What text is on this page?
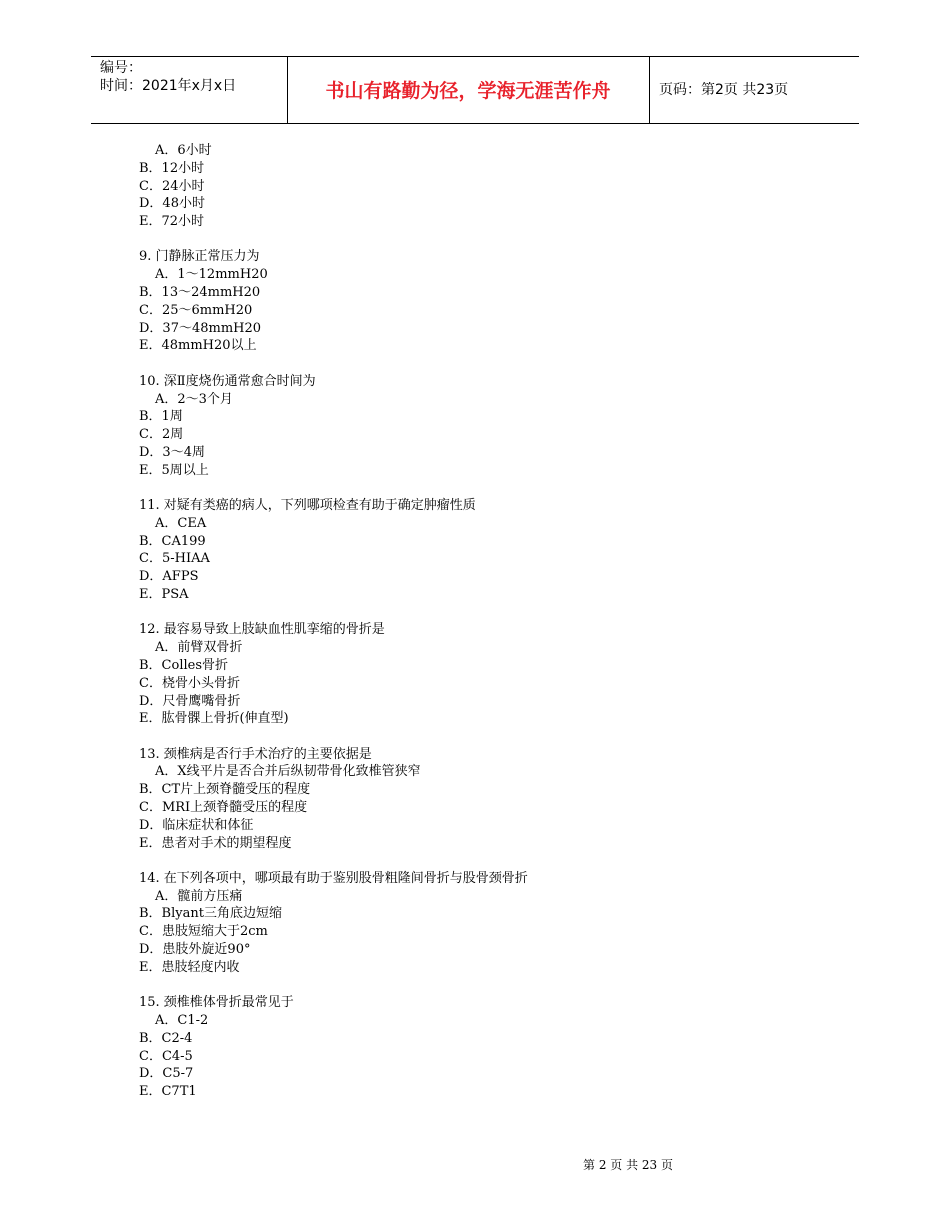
编号：
时间：2021年x月x日	书山有路勤为径，学海无涯苦作舟	页码：第2页 共23页

A．6小时

B．12小时

C．24小时

D．48小时

E．72小时

9. 门静脉正常压力为

A．1～12mmH20

B．13～24mmH20

C．25～6mmH20

D．37～48mmH20

E．48mmH20以上

10. 深Ⅱ度烧伤通常愈合时间为

A．2～3个月

B．1周

C．2周

D．3～4周

E．5周以上

11. 对疑有类癌的病人，下列哪项检查有助于确定肿瘤性质

A．CEA

B．CA199

C．5-HIAA

D．AFPS

E．PSA

12. 最容易导致上肢缺血性肌挛缩的骨折是

A．前臂双骨折

B．Colles骨折

C．桡骨小头骨折

D．尺骨鹰嘴骨折

E．肱骨髁上骨折(伸直型)

13. 颈椎病是否行手术治疗的主要依据是

A．X线平片是否合并后纵韧带骨化致椎管狭窄

B．CT片上颈脊髓受压的程度

C．MRI上颈脊髓受压的程度

D．临床症状和体征

E．患者对手术的期望程度

14. 在下列各项中，哪项最有助于鉴别股骨粗隆间骨折与股骨颈骨折

A．髋前方压痛

B．Blyant三角底边短缩

C．患肢短缩大于2cm

D．患肢外旋近90°

E．患肢轻度内收

15. 颈椎椎体骨折最常见于

A．C1-2

B．C2-4

C．C4-5

D．C5-7

E．C7T1

第 2 页 共 23 页
